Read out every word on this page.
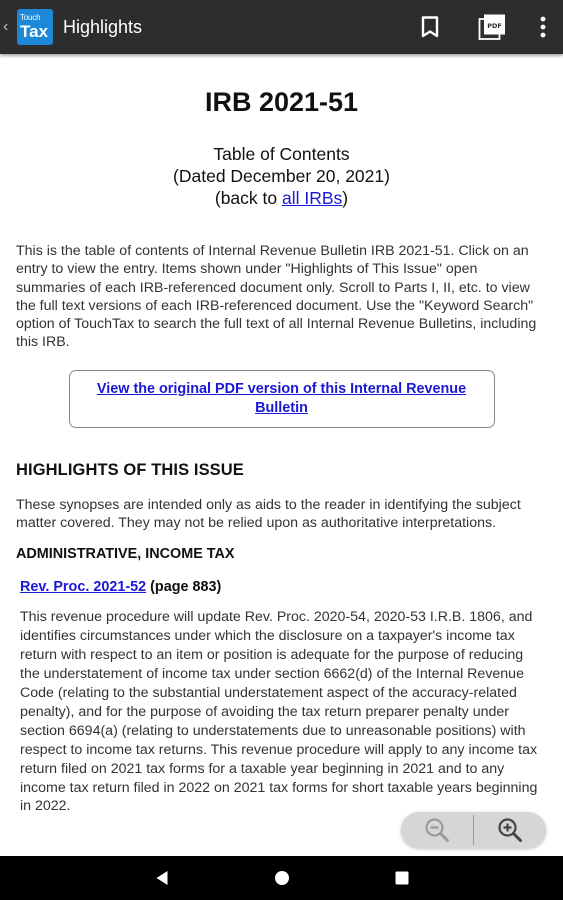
‹
Touch
Tax Highlights	PDF
IRB 2021-51
Table of Contents
(Dated December 20, 2021)
(back to all IRBs)

This is the table of contents of Internal Revenue Bulletin IRB 2021-51. Click on an entry to view the entry. Items shown under "Highlights of This Issue" open summaries of each IRB-referenced document only. Scroll to Parts I, II, etc. to view the full text versions of each IRB-referenced document. Use the "Keyword Search" option of TouchTax to search the full text of all Internal Revenue Bulletins, including this IRB.

View the original PDF version of this Internal Revenue Bulletin
HIGHLIGHTS OF THIS ISSUE

These synopses are intended only as aids to the reader in identifying the subject matter covered. They may not be relied upon as authoritative interpretations.

ADMINISTRATIVE, INCOME TAX
Rev. Proc. 2021-52 (page 883)

This revenue procedure will update Rev. Proc. 2020-54, 2020-53 I.R.B. 1806, and identifies circumstances under which the disclosure on a taxpayer's income tax return with respect to an item or position is adequate for the purpose of reducing the understatement of income tax under section 6662(d) of the Internal Revenue Code (relating to the substantial understatement aspect of the accuracy-related penalty), and for the purpose of avoiding the tax return preparer penalty under section 6694(a) (relating to understatements due to unreasonable positions) with respect to income tax returns. This revenue procedure will apply to any income tax return filed on 2021 tax forms for a taxable year beginning in 2021 and to any income tax return filed in 2022 on 2021 tax forms for short taxable years beginning in 2022.
